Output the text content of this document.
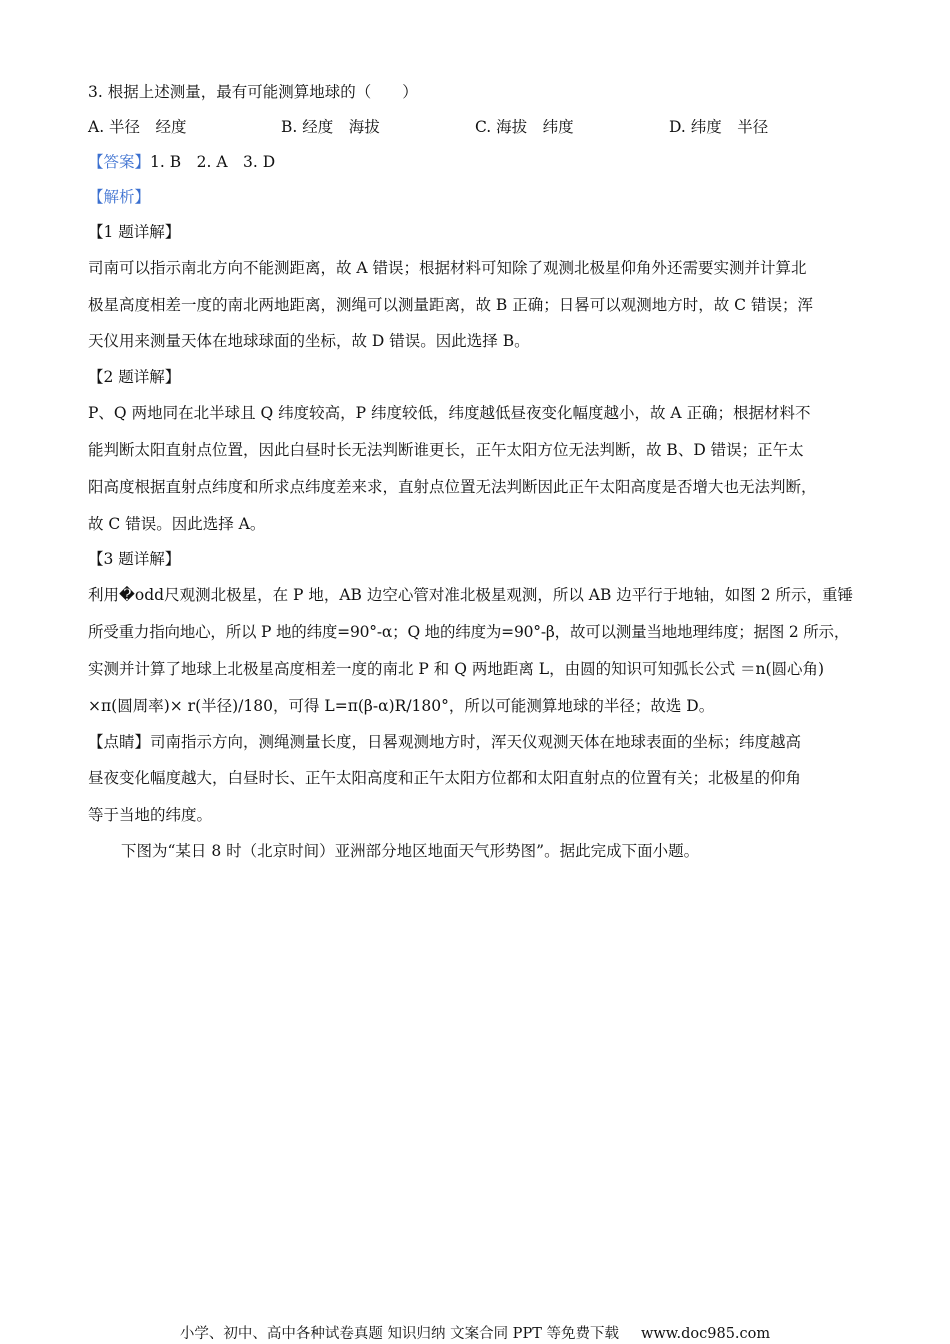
3. 根据上述测量，最有可能测算地球的（　　）
A. 半径　经度	B. 经度　海拔	C. 海拔　纬度	D. 纬度　半径
【答案】1. B　2. A　3. D
【解析】
【1 题详解】
司南可以指示南北方向不能测距离，故 A 错误；根据材料可知除了观测北极星仰角外还需要实测并计算北
极星高度相差一度的南北两地距离，测绳可以测量距离，故 B 正确；日晷可以观测地方时，故 C 错误；浑
天仪用来测量天体在地球球面的坐标，故 D 错误。因此选择 B。
【2 题详解】
P、Q 两地同在北半球且 Q 纬度较高，P 纬度较低，纬度越低昼夜变化幅度越小，故 A 正确；根据材料不
能判断太阳直射点位置，因此白昼时长无法判断谁更长，正午太阳方位无法判断，故 B、D 错误；正午太
阳高度根据直射点纬度和所求点纬度差来求，直射点位置无法判断因此正午太阳高度是否增大也无法判断，
故 C 错误。因此选择 A。
【3 题详解】
利用�odd尺观测北极星，在 P 地，AB 边空心管对准北极星观测，所以 AB 边平行于地轴，如图 2 所示，重锤
所受重力指向地心，所以 P 地的纬度=90°-α；Q 地的纬度为=90°-β，故可以测量当地地理纬度；据图 2 所示，
实测并计算了地球上北极星高度相差一度的南北 P 和 Q 两地距离 L，由圆的知识可知弧长公式 ＝n(圆心角)
×π(圆周率)× r(半径)/180，可得 L=π(β-α)R/180°，所以可能测算地球的半径；故选 D。
【点睛】司南指示方向，测绳测量长度，日晷观测地方时，浑天仪观测天体在地球表面的坐标；纬度越高
昼夜变化幅度越大，白昼时长、正午太阳高度和正午太阳方位都和太阳直射点的位置有关；北极星的仰角
等于当地的纬度。
下图为“某日 8 时（北京时间）亚洲部分地区地面天气形势图”。据此完成下面小题。
小学、初中、高中各种试卷真题 知识归纳 文案合同 PPT 等免费下载 www.doc985.com
